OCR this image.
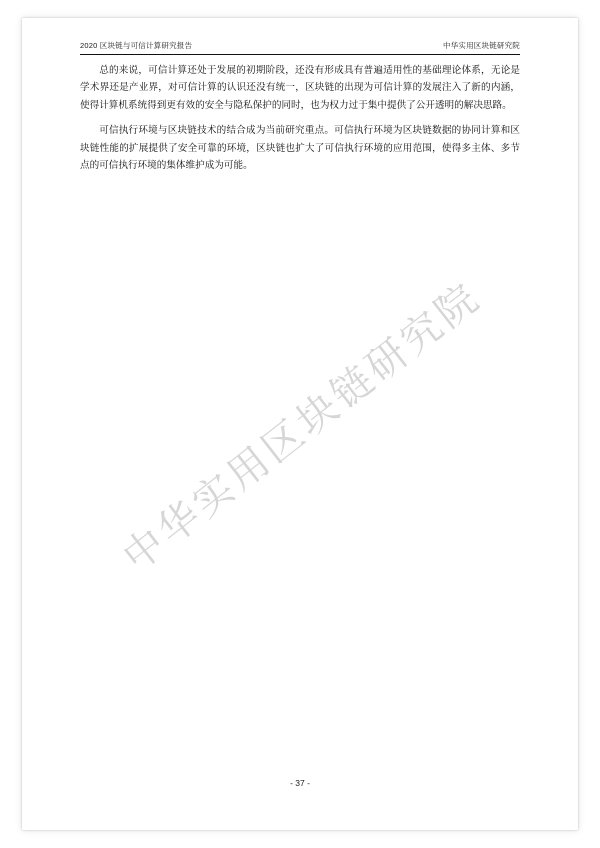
2020 区块链与可信计算研究报告	中华实用区块链研究院

总的来说，可信计算还处于发展的初期阶段，还没有形成具有普遍适用性的基础理论体系，无论是学术界还是产业界，对可信计算的认识还没有统一，区块链的出现为可信计算的发展注入了新的内涵，使得计算机系统得到更有效的安全与隐私保护的同时，也为权力过于集中提供了公开透明的解决思路。

可信执行环境与区块链技术的结合成为当前研究重点。可信执行环境为区块链数据的协同计算和区块链性能的扩展提供了安全可靠的环境，区块链也扩大了可信执行环境的应用范围，使得多主体、多节点的可信执行环境的集体维护成为可能。

中华实用区块链研究院
- 37 -
